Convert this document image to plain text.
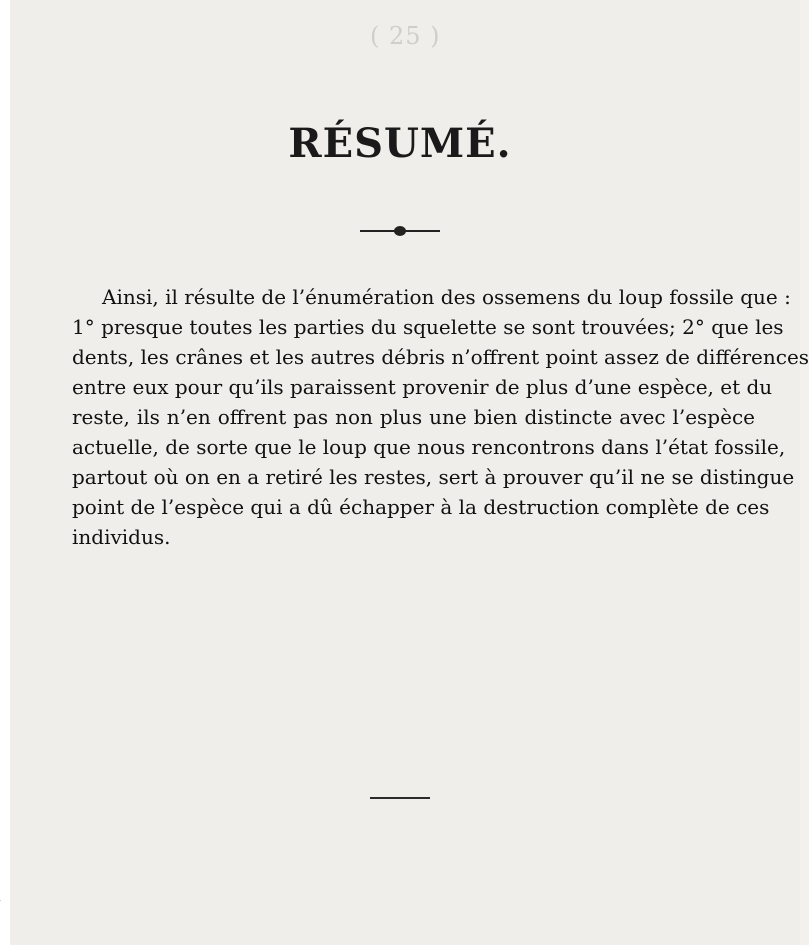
( 25 )
RÉSUMÉ.
Ainsi, il résulte de l’énumération des ossemens du loup fossile que :
1° presque toutes les parties du squelette se sont trouvées; 2° que les
dents, les crânes et les autres débris n’offrent point assez de différences
entre eux pour qu’ils paraissent provenir de plus d’une espèce, et du
reste, ils n’en offrent pas non plus une bien distincte avec l’espèce
actuelle, de sorte que le loup que nous rencontrons dans l’état fossile,
partout où on en a retiré les restes, sert à prouver qu’il ne se distingue
point de l’espèce qui a dû échapper à la destruction complète de ces
individus.
